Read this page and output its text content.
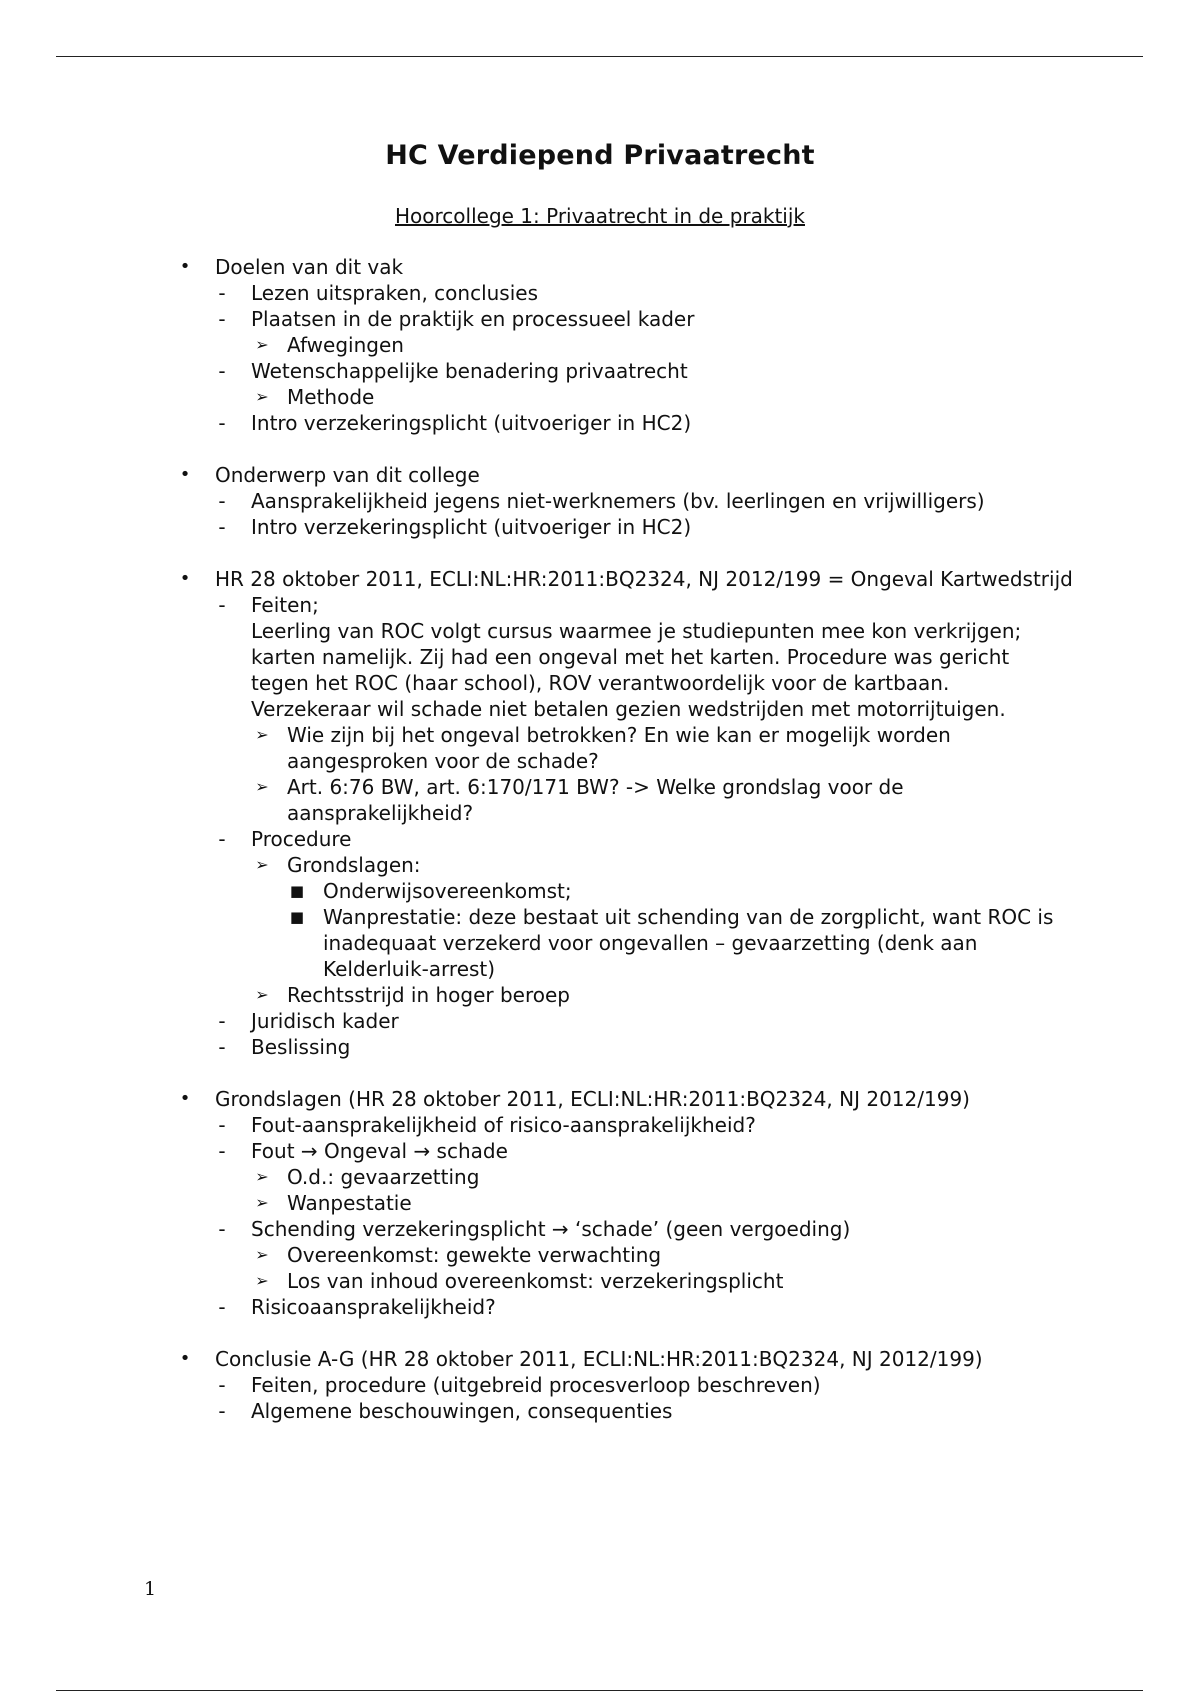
HC Verdiepend Privaatrecht
Hoorcollege 1: Privaatrecht in de praktijk
• Doelen van dit vak
- Lezen uitspraken, conclusies
- Plaatsen in de praktijk en processueel kader
➢ Afwegingen
- Wetenschappelijke benadering privaatrecht
➢ Methode
- Intro verzekeringsplicht (uitvoeriger in HC2)
• Onderwerp van dit college
- Aansprakelijkheid jegens niet-werknemers (bv. leerlingen en vrijwilligers)
- Intro verzekeringsplicht (uitvoeriger in HC2)
• HR 28 oktober 2011, ECLI:NL:HR:2011:BQ2324, NJ 2012/199 = Ongeval Kartwedstrijd
- Feiten;
Leerling van ROC volgt cursus waarmee je studiepunten mee kon verkrijgen; karten namelijk. Zij had een ongeval met het karten. Procedure was gericht tegen het ROC (haar school), ROV verantwoordelijk voor de kartbaan. Verzekeraar wil schade niet betalen gezien wedstrijden met motorrijtuigen.
➢ Wie zijn bij het ongeval betrokken? En wie kan er mogelijk worden aangesproken voor de schade?
➢ Art. 6:76 BW, art. 6:170/171 BW? -> Welke grondslag voor de aansprakelijkheid?
- Procedure
➢ Grondslagen:
■ Onderwijsovereenkomst;
■ Wanprestatie: deze bestaat uit schending van de zorgplicht, want ROC is inadequaat verzekerd voor ongevallen – gevaarzetting (denk aan Kelderluik-arrest)
➢ Rechtsstrijd in hoger beroep
- Juridisch kader
- Beslissing
• Grondslagen (HR 28 oktober 2011, ECLI:NL:HR:2011:BQ2324, NJ 2012/199)
- Fout-aansprakelijkheid of risico-aansprakelijkheid?
- Fout → Ongeval → schade
➢ O.d.: gevaarzetting
➢ Wanpestatie
- Schending verzekeringsplicht → ‘schade’ (geen vergoeding)
➢ Overeenkomst: gewekte verwachting
➢ Los van inhoud overeenkomst: verzekeringsplicht
- Risicoaansprakelijkheid?
• Conclusie A-G (HR 28 oktober 2011, ECLI:NL:HR:2011:BQ2324, NJ 2012/199)
- Feiten, procedure (uitgebreid procesverloop beschreven)
- Algemene beschouwingen, consequenties
1
